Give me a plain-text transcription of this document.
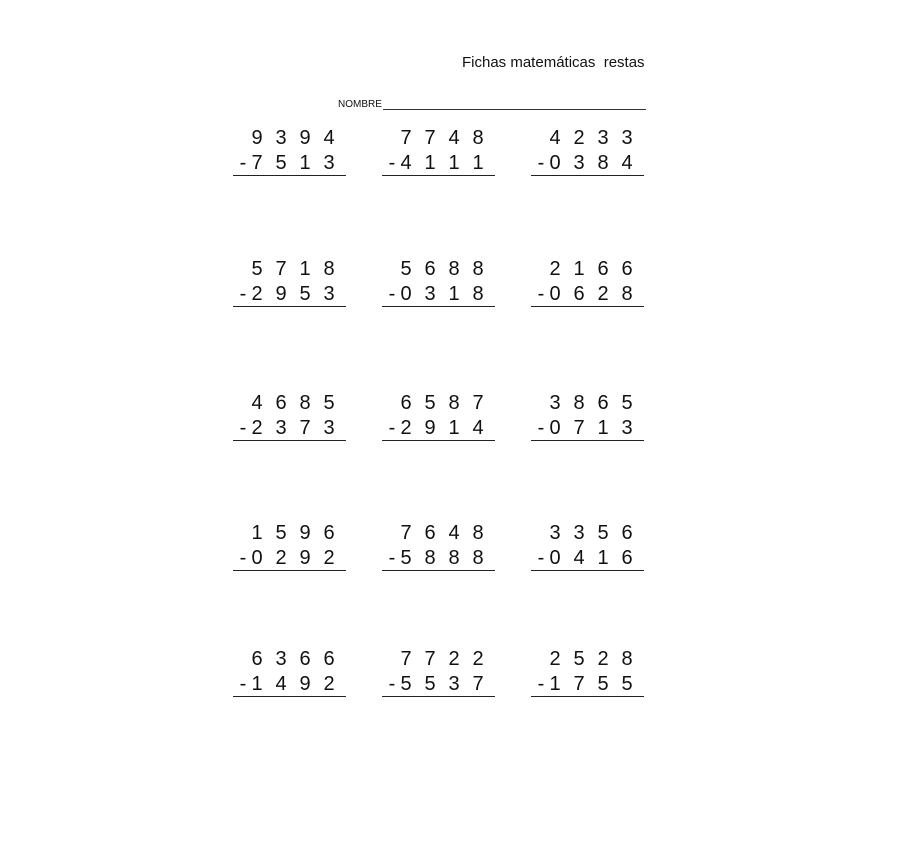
Fichas matemáticas  restas
NOMBRE
9 3 9 4
- 7 5 1 3
7 7 4 8
- 4 1 1 1
4 2 3 3
- 0 3 8 4
5 7 1 8
- 2 9 5 3
5 6 8 8
- 0 3 1 8
2 1 6 6
- 0 6 2 8
4 6 8 5
- 2 3 7 3
6 5 8 7
- 2 9 1 4
3 8 6 5
- 0 7 1 3
1 5 9 6
- 0 2 9 2
7 6 4 8
- 5 8 8 8
3 3 5 6
- 0 4 1 6
6 3 6 6
- 1 4 9 2
7 7 2 2
- 5 5 3 7
2 5 2 8
- 1 7 5 5
